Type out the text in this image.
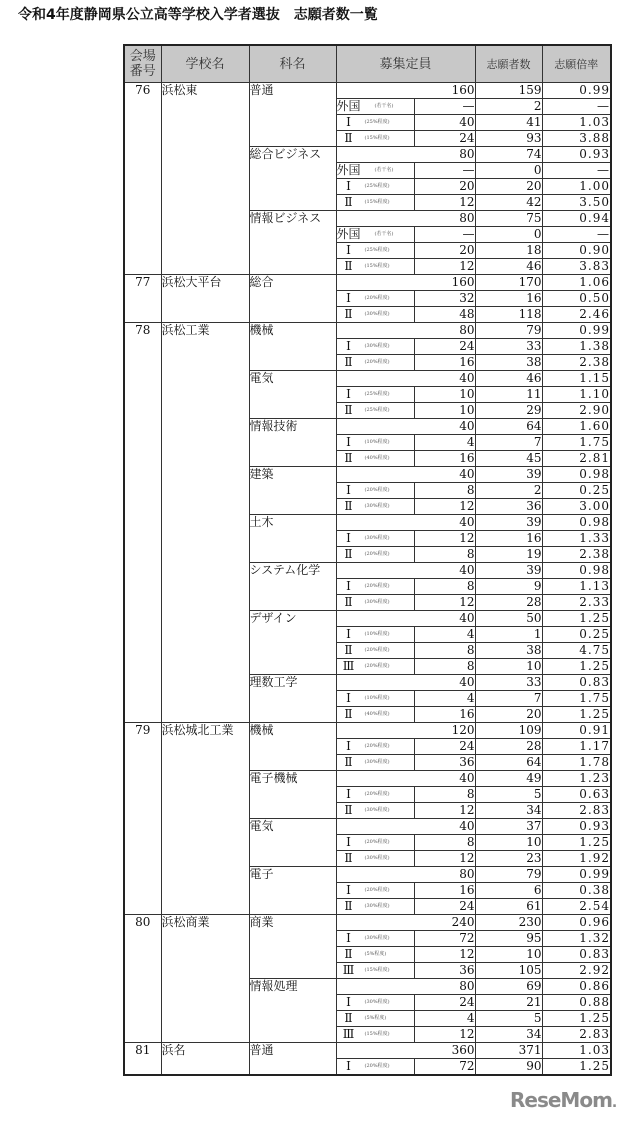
令和4年度静岡県公立高等学校入学者選抜　志願者数一覧
会場
番号	学校名	科名	募集定員		志願者数	志願倍率
76	浜松東	普通	160		159	0.99
			外国 (若干名)	—	2	—
			Ⅰ (25%程度)	40	41	1.03
			Ⅱ (15%程度)	24	93	3.88
		総合ビジネス	80		74	0.93
			外国 (若干名)	—	0	—
			Ⅰ (25%程度)	20	20	1.00
			Ⅱ (15%程度)	12	42	3.50
		情報ビジネス	80		75	0.94
			外国 (若干名)	—	0	—
			Ⅰ (25%程度)	20	18	0.90
			Ⅱ (15%程度)	12	46	3.83
77	浜松大平台	総合	160		170	1.06
			Ⅰ (20%程度)	32	16	0.50
			Ⅱ (30%程度)	48	118	2.46
78	浜松工業	機械	80		79	0.99
			Ⅰ (30%程度)	24	33	1.38
			Ⅱ (20%程度)	16	38	2.38
		電気	40		46	1.15
			Ⅰ (25%程度)	10	11	1.10
			Ⅱ (25%程度)	10	29	2.90
		情報技術	40		64	1.60
			Ⅰ (10%程度)	4	7	1.75
			Ⅱ (40%程度)	16	45	2.81
		建築	40		39	0.98
			Ⅰ (20%程度)	8	2	0.25
			Ⅱ (30%程度)	12	36	3.00
		土木	40		39	0.98
			Ⅰ (30%程度)	12	16	1.33
			Ⅱ (20%程度)	8	19	2.38
		システム化学	40		39	0.98
			Ⅰ (20%程度)	8	9	1.13
			Ⅱ (30%程度)	12	28	2.33
		デザイン	40		50	1.25
			Ⅰ (10%程度)	4	1	0.25
			Ⅱ (20%程度)	8	38	4.75
			Ⅲ (20%程度)	8	10	1.25
		理数工学	40		33	0.83
			Ⅰ (10%程度)	4	7	1.75
			Ⅱ (40%程度)	16	20	1.25
79	浜松城北工業	機械	120		109	0.91
			Ⅰ (20%程度)	24	28	1.17
			Ⅱ (30%程度)	36	64	1.78
		電子機械	40		49	1.23
			Ⅰ (20%程度)	8	5	0.63
			Ⅱ (30%程度)	12	34	2.83
		電気	40		37	0.93
			Ⅰ (20%程度)	8	10	1.25
			Ⅱ (30%程度)	12	23	1.92
		電子	80		79	0.99
			Ⅰ (20%程度)	16	6	0.38
			Ⅱ (30%程度)	24	61	2.54
80	浜松商業	商業	240		230	0.96
			Ⅰ (30%程度)	72	95	1.32
			Ⅱ (5%程度)	12	10	0.83
			Ⅲ (15%程度)	36	105	2.92
		情報処理	80		69	0.86
			Ⅰ (30%程度)	24	21	0.88
			Ⅱ (5%程度)	4	5	1.25
			Ⅲ (15%程度)	12	34	2.83
81	浜名	普通	360		371	1.03
			Ⅰ (20%程度)	72	90	1.25
ReseMom.
